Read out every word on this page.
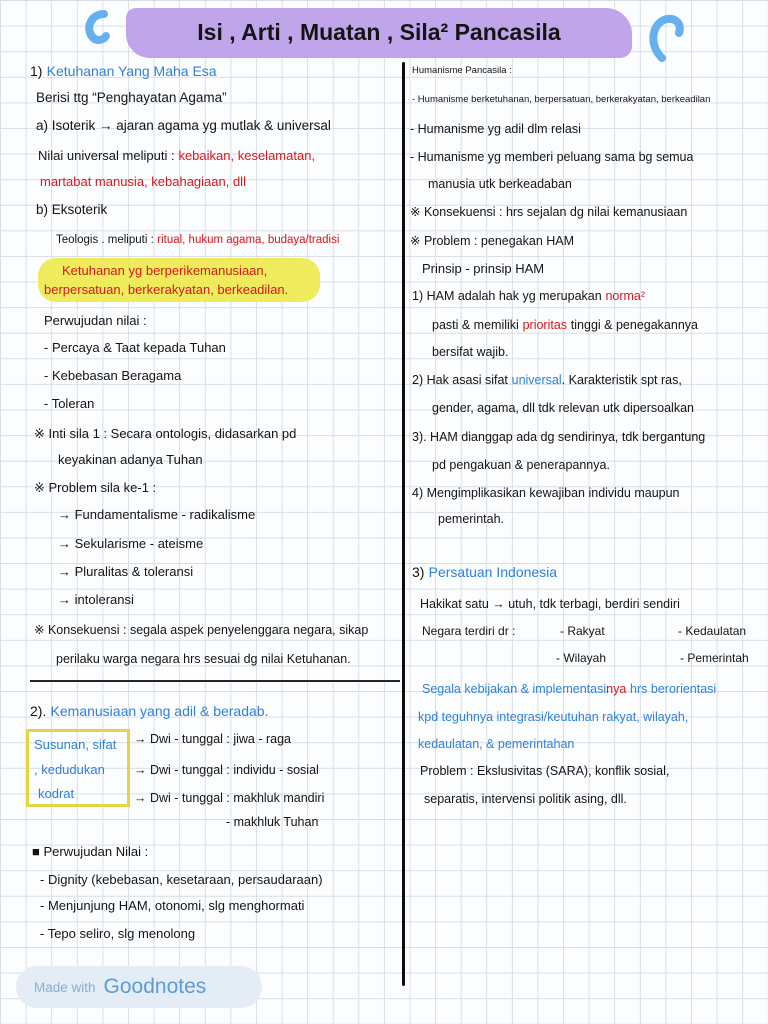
Isi , Arti , Muatan , Sila² Pancasila
1) Ketuhanan Yang Maha Esa
Berisi ttg “Penghayatan Agama”
a) Isoterik → ajaran agama yg mutlak & universal
Nilai universal meliputi : kebaikan, keselamatan,
martabat manusia, kebahagiaan, dll
b) Eksoterik
Teologis . meliputi : ritual, hukum agama, budaya/tradisi
Ketuhanan yg berperikemanusiaan,
berpersatuan, berkerakyatan, berkeadilan.
Perwujudan nilai :
- Percaya & Taat kepada Tuhan
- Kebebasan Beragama
- Toleran
※ Inti sila 1 : Secara ontologis, didasarkan pd
keyakinan adanya Tuhan
※ Problem sila ke-1 :
→ Fundamentalisme - radikalisme
→ Sekularisme - ateisme
→ Pluralitas & toleransi
→ intoleransi
※ Konsekuensi : segala aspek penyelenggara negara, sikap
perilaku warga negara hrs sesuai dg nilai Ketuhanan.
2). Kemanusiaan yang adil & beradab.
Susunan, sifat
, kedudukan
kodrat
→ Dwi - tunggal : jiwa - raga
→ Dwi - tunggal : individu - sosial
→ Dwi - tunggal : makhluk mandiri
- makhluk Tuhan
■ Perwujudan Nilai :
- Dignity (kebebasan, kesetaraan, persaudaraan)
- Menjunjung HAM, otonomi, slg menghormati
- Tepo seliro, slg menolong
Humanisme Pancasila :
- Humanisme berketuhanan, berpersatuan, berkerakyatan, berkeadilan
- Humanisme yg adil dlm relasi
- Humanisme yg memberi peluang sama bg semua
manusia utk berkeadaban
※ Konsekuensi : hrs sejalan dg nilai kemanusiaan
※ Problem : penegakan HAM
Prinsip - prinsip HAM
1) HAM adalah hak yg merupakan norma²
pasti & memiliki prioritas tinggi & penegakannya
bersifat wajib.
2) Hak asasi sifat universal. Karakteristik spt ras,
gender, agama, dll tdk relevan utk dipersoalkan
3). HAM dianggap ada dg sendirinya, tdk bergantung
pd pengakuan & penerapannya.
4) Mengimplikasikan kewajiban individu maupun
pemerintah.
3) Persatuan Indonesia
Hakikat satu → utuh, tdk terbagi, berdiri sendiri
Negara terdiri dr :	- Rakyat	- Kedaulatan
- Wilayah	- Pemerintah
Segala kebijakan & implementasinya hrs berorientasi
kpd teguhnya integrasi/keutuhan rakyat, wilayah,
kedaulatan, & pemerintahan
Problem : Ekslusivitas (SARA), konflik sosial,
separatis, intervensi politik asing, dll.
Made with Goodnotes
